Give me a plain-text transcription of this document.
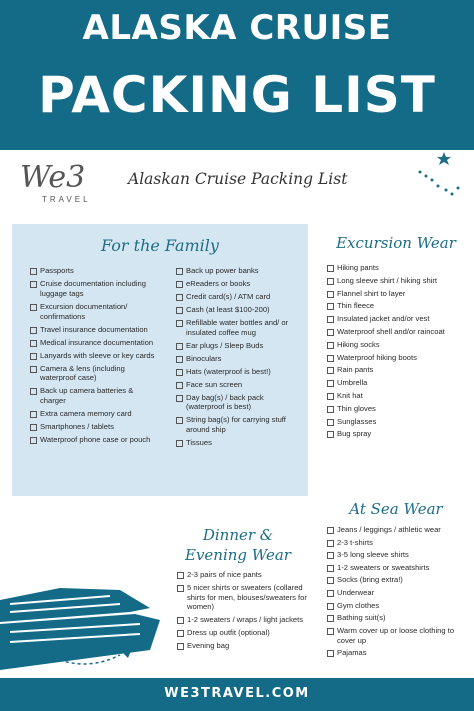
ALASKA CRUISE
PACKING LIST
We3
TRAVEL
Alaskan Cruise Packing List
For the Family
Passports
Cruise documentation including luggage tags
Excursion documentation/ confirmations
Travel insurance documentation
Medical insurance documentation
Lanyards with sleeve or key cards
Camera & lens (including waterproof case)
Back up camera batteries & charger
Extra camera memory card
Smartphones / tablets
Waterproof phone case or pouch
Back up power banks
eReaders or books
Credit card(s) / ATM card
Cash (at least $100-200)
Refillable water bottles and/ or insulated coffee mug
Ear plugs / Sleep Buds
Binoculars
Hats (waterproof is best!)
Face sun screen
Day bag(s) / back pack (waterproof is best)
String bag(s) for carrying stuff around ship
Tissues
Excursion Wear
Hiking pants
Long sleeve shirt / hiking shirt
Flannel shirt to layer
Thin fleece
Insulated jacket and/or vest
Waterproof shell and/or raincoat
Hiking socks
Waterproof hiking boots
Rain pants
Umbrella
Knit hat
Thin gloves
Sunglasses
Bug spray
At Sea Wear
Jeans / leggings / athletic wear
2-3 t-shirts
3-5 long sleeve shirts
1-2 sweaters or sweatshirts
Socks (bring extra!)
Underwear
Gym clothes
Bathing suit(s)
Warm cover up or loose clothing to cover up
Pajamas
Dinner &
Evening Wear
2-3 pairs of nice pants
5 nicer shirts or sweaters (collared shirts for men, blouses/sweaters for women)
1-2 sweaters / wraps / light jackets
Dress up outfit (optional)
Evening bag
WE3TRAVEL.COM
